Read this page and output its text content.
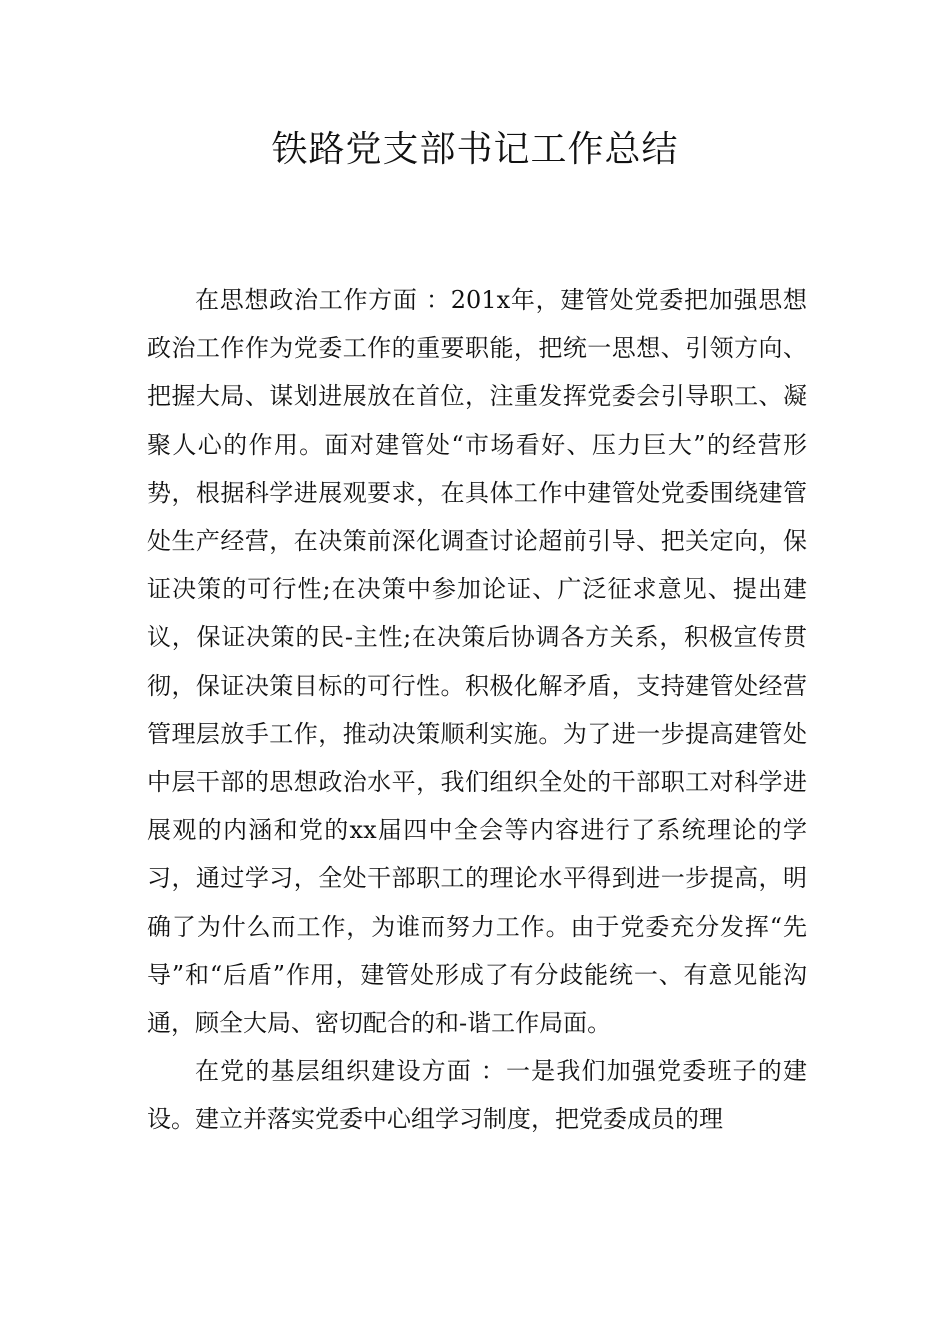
铁路党支部书记工作总结

在思想政治工作方面 ：201x年，建管处党委把加强思想政治工作作为党委工作的重要职能，把统一思想、引领方向、把握大局、谋划进展放在首位，注重发挥党委会引导职工、凝聚人心的作用。面对建管处“市场看好、压力巨大”的经营形势，根据科学进展观要求，在具体工作中建管处党委围绕建管处生产经营，在决策前深化调查讨论超前引导、把关定向，保证决策的可行性;在决策中参加论证、广泛征求意见、提出建议，保证决策的民-主性;在决策后协调各方关系，积极宣传贯彻，保证决策目标的可行性。积极化解矛盾，支持建管处经营管理层放手工作，推动决策顺利实施。为了进一步提高建管处中层干部的思想政治水平，我们组织全处的干部职工对科学进展观的内涵和党的xx届四中全会等内容进行了系统理论的学习，通过学习，全处干部职工的理论水平得到进一步提高，明确了为什么而工作，为谁而努力工作。由于党委充分发挥“先导”和“后盾”作用，建管处形成了有分歧能统一、有意见能沟通，顾全大局、密切配合的和-谐工作局面。

在党的基层组织建设方面 ：一是我们加强党委班子的建设。建立并落实党委中心组学习制度，把党委成员的理
